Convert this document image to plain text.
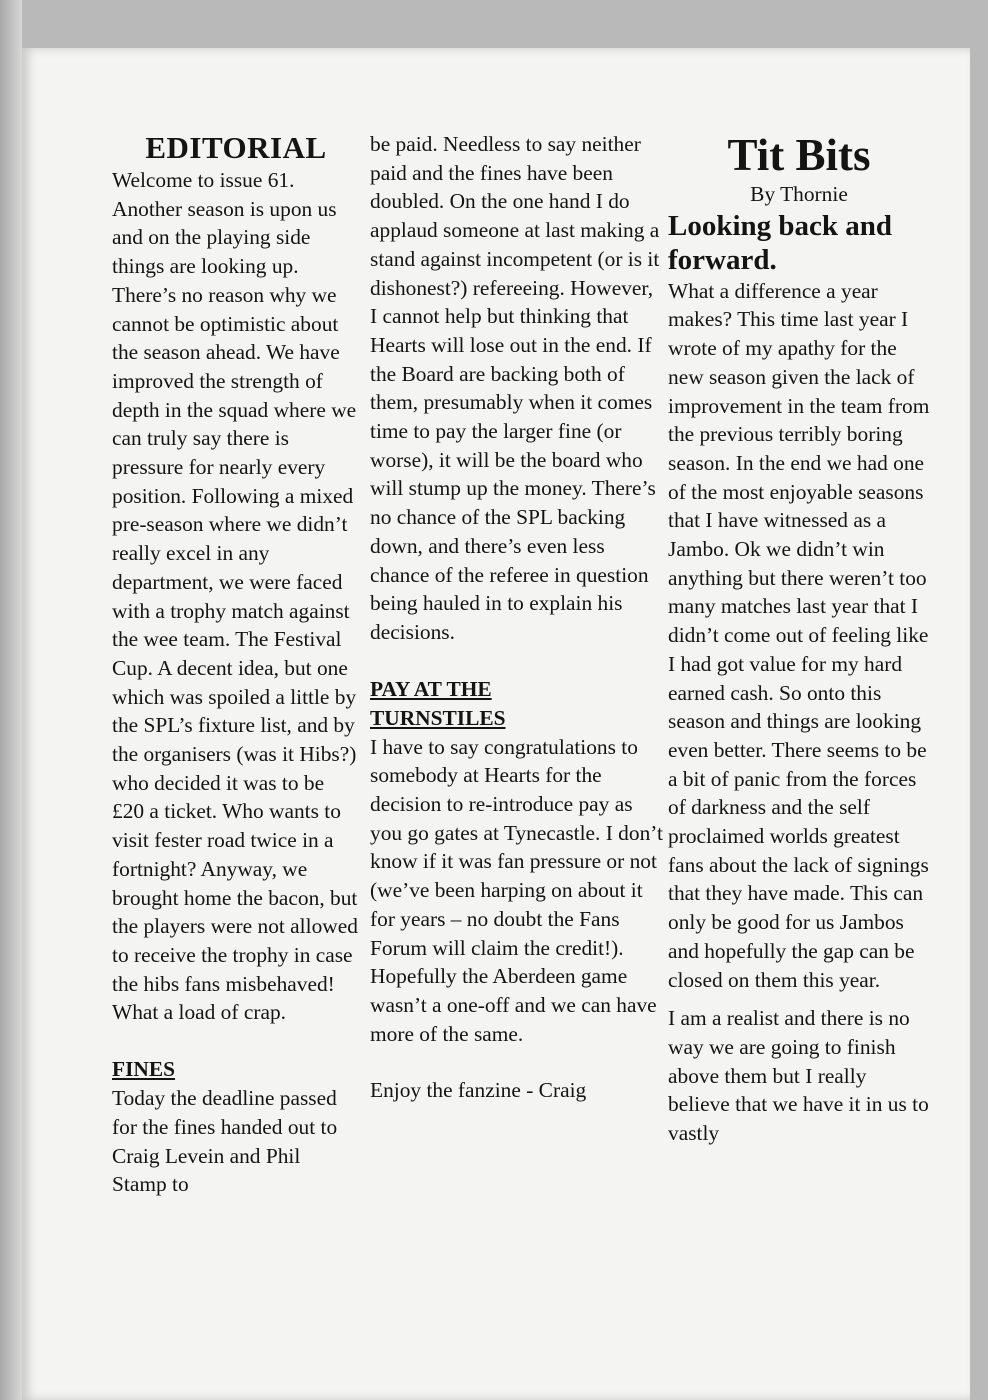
EDITORIAL

Welcome to issue 61. Another season is upon us and on the playing side things are looking up. There’s no reason why we cannot be optimistic about the season ahead. We have improved the strength of depth in the squad where we can truly say there is pressure for nearly every position. Following a mixed pre-season where we didn’t really excel in any department, we were faced with a trophy match against the wee team. The Festival Cup. A decent idea, but one which was spoiled a little by the SPL’s fixture list, and by the organisers (was it Hibs?) who decided it was to be £20 a ticket. Who wants to visit fester road twice in a fortnight? Anyway, we brought home the bacon, but the players were not allowed to receive the trophy in case the hibs fans misbehaved! What a load of crap.

FINES

Today the deadline passed for the fines handed out to Craig Levein and Phil Stamp to

be paid. Needless to say neither paid and the fines have been doubled. On the one hand I do applaud someone at last making a stand against incompetent (or is it dishonest?) refereeing. However, I cannot help but thinking that Hearts will lose out in the end. If the Board are backing both of them, presumably when it comes time to pay the larger fine (or worse), it will be the board who will stump up the money. There’s no chance of the SPL backing down, and there’s even less chance of the referee in question being hauled in to explain his decisions.

PAY AT THE

TURNSTILES

I have to say congratulations to somebody at Hearts for the decision to re-introduce pay as you go gates at Tynecastle. I don’t know if it was fan pressure or not (we’ve been harping on about it for years – no doubt the Fans Forum will claim the credit!). Hopefully the Aberdeen game wasn’t a one-off and we can have more of the same.

Enjoy the fanzine - Craig

Tit Bits

By Thornie

Looking back and forward.

What a difference a year makes? This time last year I wrote of my apathy for the new season given the lack of improvement in the team from the previous terribly boring season. In the end we had one of the most enjoyable seasons that I have witnessed as a Jambo. Ok we didn’t win anything but there weren’t too many matches last year that I didn’t come out of feeling like I had got value for my hard earned cash. So onto this season and things are looking even better. There seems to be a bit of panic from the forces of darkness and the self proclaimed worlds greatest fans about the lack of signings that they have made. This can only be good for us Jambos and hopefully the gap can be closed on them this year.

I am a realist and there is no way we are going to finish above them but I really believe that we have it in us to vastly
